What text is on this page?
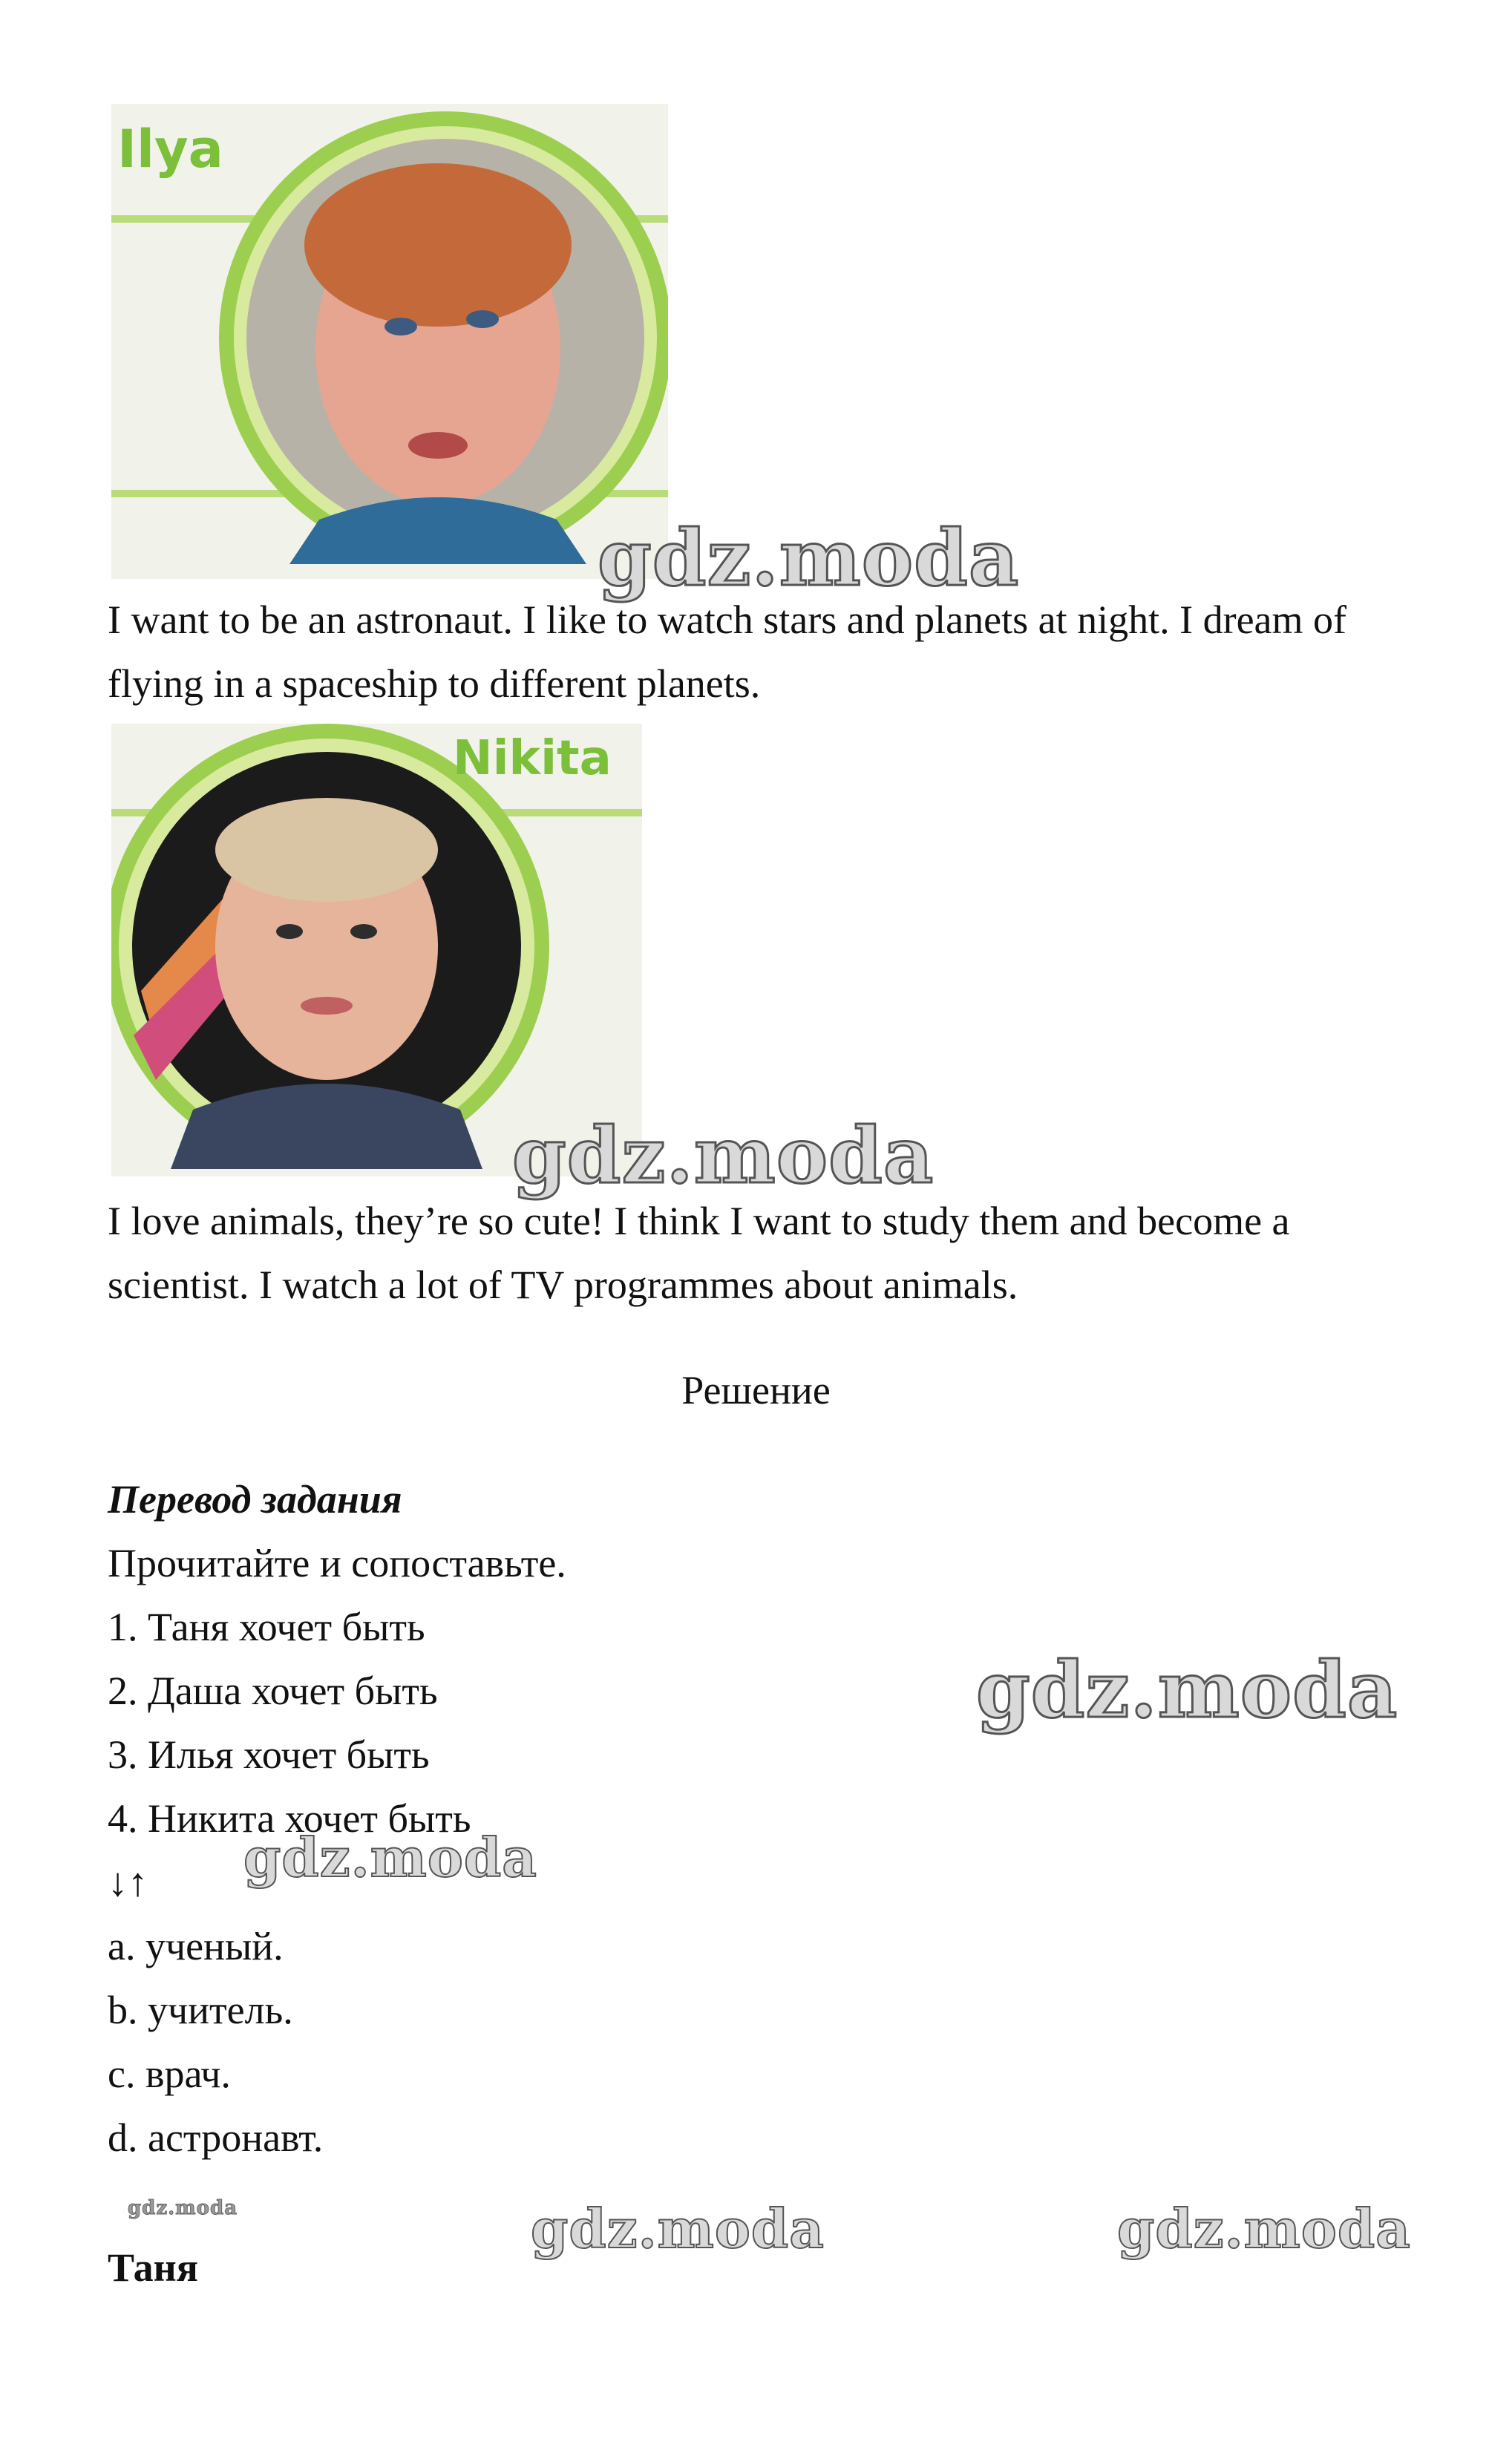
Ilya
gdz.moda
I want to be an astronaut. I like to watch stars and planets at night. I dream of flying in a spaceship to different planets.
Nikita
gdz.moda
I love animals, they’re so cute! I think I want to study them and become a scientist. I watch a lot of TV programmes about animals.
Решение
Перевод задания
Прочитайте и сопоставьте.
1. Таня хочет быть
2. Даша хочет быть
3. Илья хочет быть
4. Никита хочет быть
↓↑
a. ученый.
b. учитель.
c. врач.
d. астронавт.
gdz.moda
gdz.moda
gdz.moda	gdz.moda	gdz.moda
Таня
